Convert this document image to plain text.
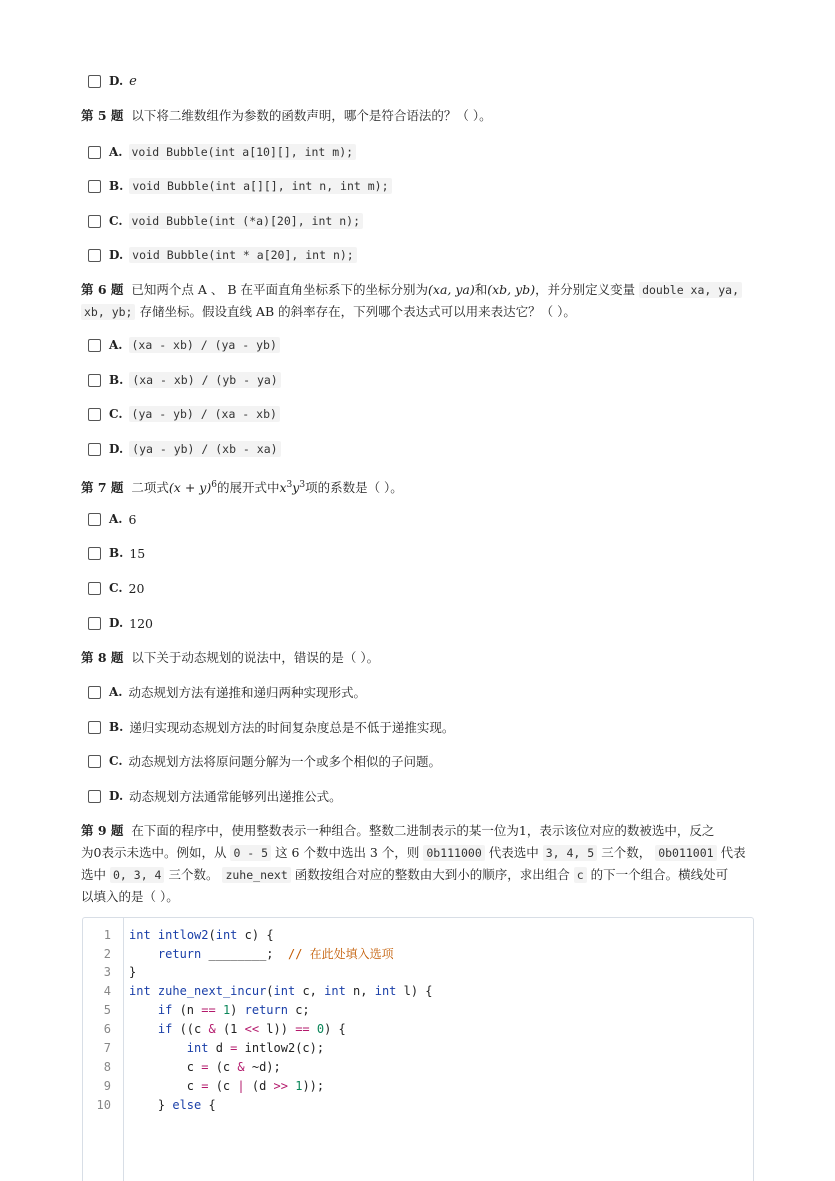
D. e
第 5 题 以下将二维数组作为参数的函数声明，哪个是符合语法的？（ ）。
A. void Bubble(int a[10][], int m);
B. void Bubble(int a[][], int n, int m);
C. void Bubble(int (*a)[20], int n);
D. void Bubble(int * a[20], int n);
第 6 题 已知两个点 A 、 B 在平面直角坐标系下的坐标分别为(xa, ya)和(xb, yb)，并分别定义变量 double xa, ya,
xb, yb; 存储坐标。假设直线 AB 的斜率存在，下列哪个表达式可以用来表达它？（ ）。
A. (xa - xb) / (ya - yb)
B. (xa - xb) / (yb - ya)
C. (ya - yb) / (xa - xb)
D. (ya - yb) / (xb - xa)
第 7 题 二项式$(x + y)^6$的展开式中$x^3y^3$项的系数是（ ）。
A. 6
B. 15
C. 20
D. 120
第 8 题 以下关于动态规划的说法中，错误的是（ ）。
A. 动态规划方法有递推和递归两种实现形式。
B. 递归实现动态规划方法的时间复杂度总是不低于递推实现。
C. 动态规划方法将原问题分解为一个或多个相似的子问题。
D. 动态规划方法通常能够列出递推公式。
第 9 题 在下面的程序中，使用整数表示一种组合。整数二进制表示的某一位为1，表示该位对应的数被选中，反之
为0表示未选中。例如，从 0 - 5 这 6 个数中选出 3 个，则 0b111000 代表选中 3, 4, 5 三个数， 0b011001 代表
选中 0, 3, 4 三个数。 zuhe_next 函数按组合对应的整数由大到小的顺序，求出组合 c 的下一个组合。横线处可
以填入的是（ ）。
1
2
3
4
5
6
7
8
9
10
int intlow2(int c) {
return ________;  // 在此处填入选项
}
int zuhe_next_incur(int c, int n, int l) {
if (n == 1) return c;
if ((c & (1 << l)) == 0) {
int d = intlow2(c);
c = (c & ~d);
c = (c | (d >> 1));
} else {
